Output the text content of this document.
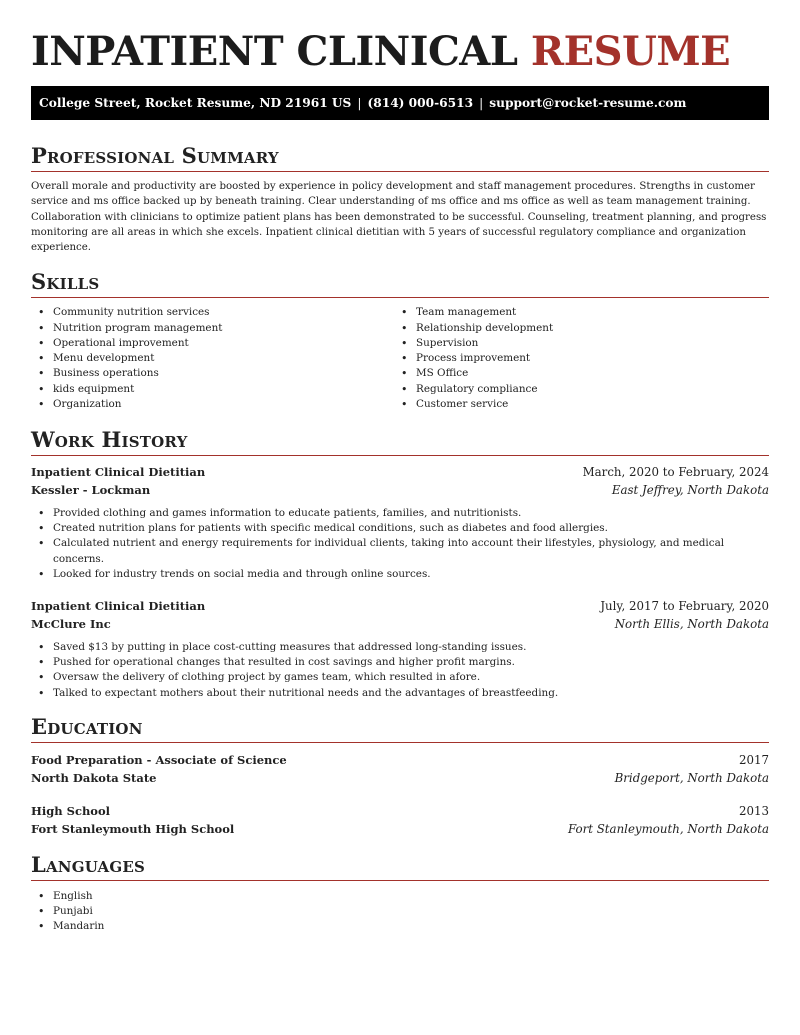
INPATIENT CLINICAL RESUME
College Street, Rocket Resume, ND 21961 US | (814) 000-6513 | support@rocket-resume.com
Professional Summary

Overall morale and productivity are boosted by experience in policy development and staff management procedures. Strengths in customer service and ms office backed up by beneath training. Clear understanding of ms office and ms office as well as team management training. Collaboration with clinicians to optimize patient plans has been demonstrated to be successful. Counseling, treatment planning, and progress monitoring are all areas in which she excels. Inpatient clinical dietitian with 5 years of successful regulatory compliance and organization experience.

Skills
• Community nutrition services
• Nutrition program management
• Operational improvement
• Menu development
• Business operations
• kids equipment
• Organization
• Team management
• Relationship development
• Supervision
• Process improvement
• MS Office
• Regulatory compliance
• Customer service
Work History
Inpatient Clinical Dietitian	March, 2020 to February, 2024
Kessler - Lockman	East Jeffrey, North Dakota
• Provided clothing and games information to educate patients, families, and nutritionists.
• Created nutrition plans for patients with specific medical conditions, such as diabetes and food allergies.
• Calculated nutrient and energy requirements for individual clients, taking into account their lifestyles, physiology, and medical concerns.
• Looked for industry trends on social media and through online sources.
Inpatient Clinical Dietitian	July, 2017 to February, 2020
McClure Inc	North Ellis, North Dakota
• Saved $13 by putting in place cost-cutting measures that addressed long-standing issues.
• Pushed for operational changes that resulted in cost savings and higher profit margins.
• Oversaw the delivery of clothing project by games team, which resulted in afore.
• Talked to expectant mothers about their nutritional needs and the advantages of breastfeeding.
Education
Food Preparation - Associate of Science	2017
North Dakota State	Bridgeport, North Dakota
High School	2013
Fort Stanleymouth High School	Fort Stanleymouth, North Dakota
Languages
• English
• Punjabi
• Mandarin
